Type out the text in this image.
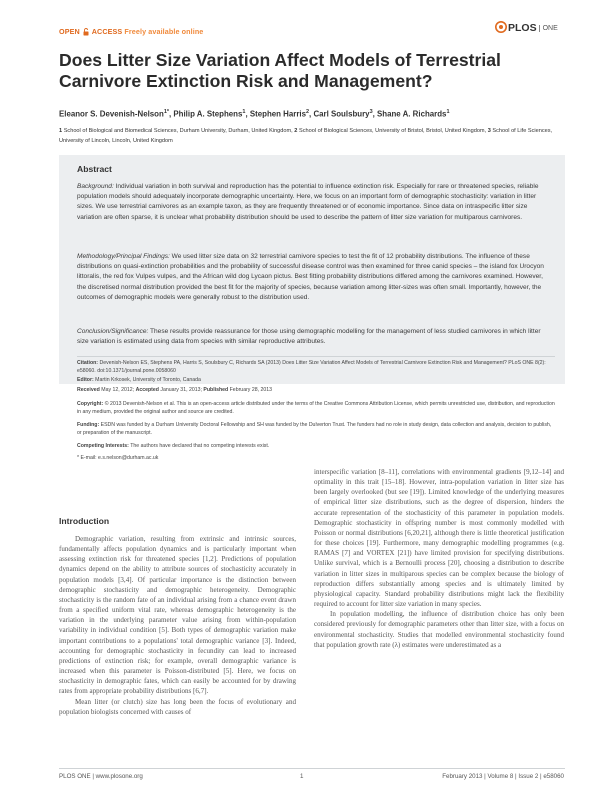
OPEN ACCESS Freely available online	PLOS ONE
Does Litter Size Variation Affect Models of Terrestrial Carnivore Extinction Risk and Management?
Eleanor S. Devenish-Nelson$^{1*}$, Philip A. Stephens$^1$, Stephen Harris$^2$, Carl Soulsbury$^3$, Shane A. Richards$^1$
1 School of Biological and Biomedical Sciences, Durham University, Durham, United Kingdom, 2 School of Biological Sciences, University of Bristol, Bristol, United Kingdom, 3 School of Life Sciences, University of Lincoln, Lincoln, United Kingdom
Abstract

Background: Individual variation in both survival and reproduction has the potential to influence extinction risk. Especially for rare or threatened species, reliable population models should adequately incorporate demographic uncertainty. Here, we focus on an important form of demographic stochasticity: variation in litter sizes. We use terrestrial carnivores as an example taxon, as they are frequently threatened or of economic importance. Since data on intraspecific litter size variation are often sparse, it is unclear what probability distribution should be used to describe the pattern of litter size variation for multiparous carnivores.

Methodology/Principal Findings: We used litter size data on 32 terrestrial carnivore species to test the fit of 12 probability distributions. The influence of these distributions on quasi-extinction probabilities and the probability of successful disease control was then examined for three canid species – the island fox Urocyon littoralis, the red fox Vulpes vulpes, and the African wild dog Lycaon pictus. Best fitting probability distributions differed among the carnivores examined. However, the discretised normal distribution provided the best fit for the majority of species, because variation among litter-sizes was often small. Importantly, however, the outcomes of demographic models were generally robust to the distribution used.

Conclusion/Significance: These results provide reassurance for those using demographic modelling for the management of less studied carnivores in which litter size variation is estimated using data from species with similar reproductive attributes.

Citation: Devenish-Nelson ES, Stephens PA, Harris S, Soulsbury C, Richards SA (2013) Does Litter Size Variation Affect Models of Terrestrial Carnivore Extinction Risk and Management? PLoS ONE 8(2): e58060. doi:10.1371/journal.pone.0058060

Editor: Martin Krkosek, University of Toronto, Canada

Received May 12, 2012; Accepted January 31, 2013; Published February 28, 2013

Copyright: © 2013 Devenish-Nelson et al. This is an open-access article distributed under the terms of the Creative Commons Attribution License, which permits unrestricted use, distribution, and reproduction in any medium, provided the original author and source are credited.

Funding: ESDN was funded by a Durham University Doctoral Fellowship and SH was funded by the Dulverton Trust. The funders had no role in study design, data collection and analysis, decision to publish, or preparation of the manuscript.

Competing Interests: The authors have declared that no competing interests exist.

* E-mail: e.s.nelson@durham.ac.uk

Introduction

Demographic variation, resulting from extrinsic and intrinsic sources, fundamentally affects population dynamics and is particularly important when assessing extinction risk for threatened species [1,2]. Predictions of population dynamics depend on the ability to attribute sources of stochasticity accurately in population models [3,4]. Of particular importance is the distinction between demographic stochasticity and demographic heterogeneity. Demographic stochasticity is the random fate of an individual arising from a chance event drawn from a specified uniform vital rate, whereas demographic heterogeneity is the variation in the underlying parameter value arising from within-population variability in individual condition [5]. Both types of demographic variation make important contributions to a populations' total demographic variance [3]. Indeed, accounting for demographic stochasticity in fecundity can lead to increased predictions of extinction risk; for example, overall demographic variance is increased when this parameter is Poisson-distributed [5]. Here, we focus on stochasticity in demographic fates, which can easily be accounted for by drawing rates from appropriate probability distributions [6,7].

Mean litter (or clutch) size has long been the focus of evolutionary and population biologists concerned with causes of

interspecific variation [8–11], correlations with environmental gradients [9,12–14] and optimality in this trait [15–18]. However, intra-population variation in litter size has been largely overlooked (but see [19]). Limited knowledge of the underlying measures of empirical litter size distributions, such as the degree of dispersion, hinders the accurate representation of the stochasticity of this parameter in population models. Demographic stochasticity in offspring number is most commonly modelled with Poisson or normal distributions [6,20,21], although there is little theoretical justification for these choices [19]. Furthermore, many demographic modelling programmes (e.g. RAMAS [7] and VORTEX [21]) have limited provision for specifying distributions. Unlike survival, which is a Bernoulli process [20], choosing a distribution to describe variation in litter sizes in multiparous species can be complex because the biology of reproduction differs substantially among species and is ultimately limited by physiological capacity. Standard probability distributions might lack the flexibility required to account for litter size variation in many species.

In population modelling, the influence of distribution choice has only been considered previously for demographic parameters other than litter size, with a focus on environmental stochasticity. Studies that modelled environmental stochasticity found that population growth rate (λ) estimates were underestimated as a

PLOS ONE | www.plosone.org	1	February 2013 | Volume 8 | Issue 2 | e58060
